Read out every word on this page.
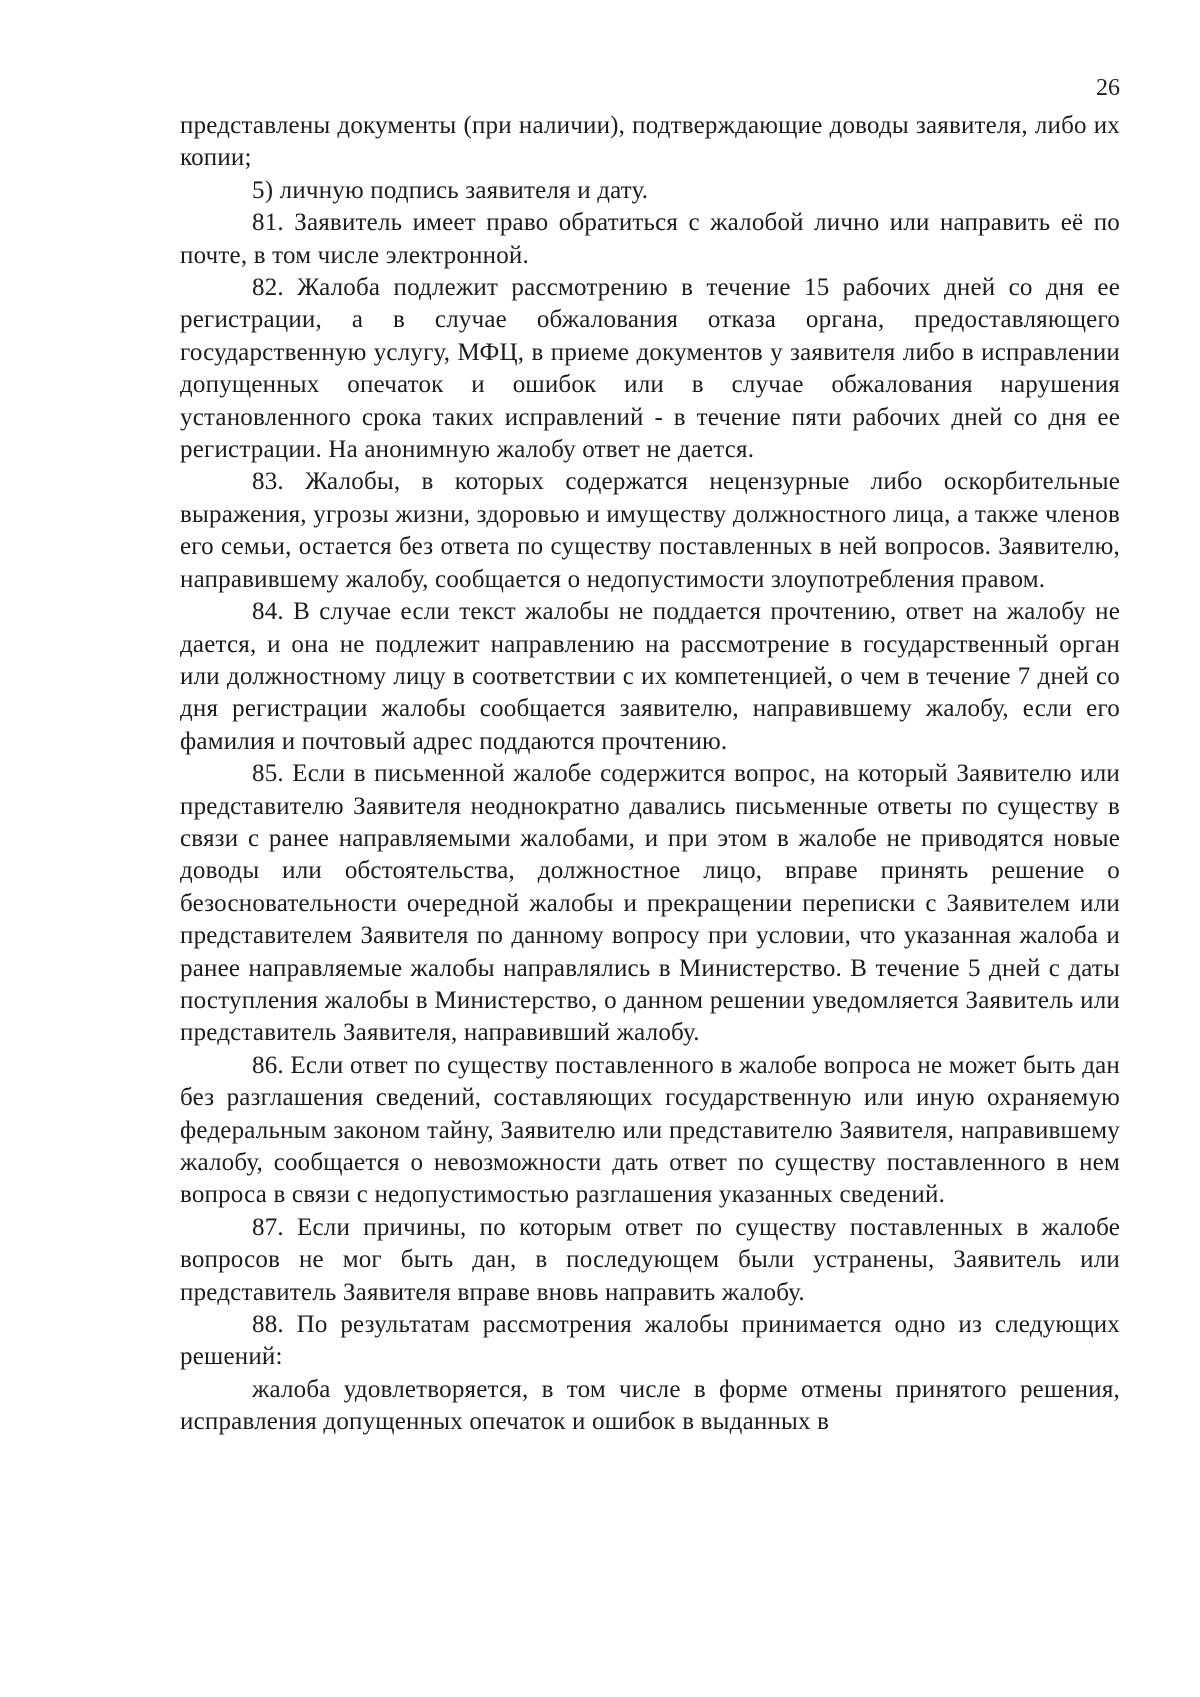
26

представлены документы (при наличии), подтверждающие доводы заявителя, либо их копии;

5) личную подпись заявителя и дату.

81. Заявитель имеет право обратиться с жалобой лично или направить её по почте, в том числе электронной.

82. Жалоба подлежит рассмотрению в течение 15 рабочих дней со дня ее регистрации, а в случае обжалования отказа органа, предоставляющего государственную услугу, МФЦ, в приеме документов у заявителя либо в исправлении допущенных опечаток и ошибок или в случае обжалования нарушения установленного срока таких исправлений - в течение пяти рабочих дней со дня ее регистрации. На анонимную жалобу ответ не дается.

83. Жалобы, в которых содержатся нецензурные либо оскорбительные выражения, угрозы жизни, здоровью и имуществу должностного лица, а также членов его семьи, остается без ответа по существу поставленных в ней вопросов. Заявителю, направившему жалобу, сообщается о недопустимости злоупотребления правом.

84. В случае если текст жалобы не поддается прочтению, ответ на жалобу не дается, и она не подлежит направлению на рассмотрение в государственный орган или должностному лицу в соответствии с их компетенцией, о чем в течение 7 дней со дня регистрации жалобы сообщается заявителю, направившему жалобу, если его фамилия и почтовый адрес поддаются прочтению.

85. Если в письменной жалобе содержится вопрос, на который Заявителю или представителю Заявителя неоднократно давались письменные ответы по существу в связи с ранее направляемыми жалобами, и при этом в жалобе не приводятся новые доводы или обстоятельства, должностное лицо, вправе принять решение о безосновательности очередной жалобы и прекращении переписки с Заявителем или представителем Заявителя по данному вопросу при условии, что указанная жалоба и ранее направляемые жалобы направлялись в Министерство. В течение 5 дней с даты поступления жалобы в Министерство, о данном решении уведомляется Заявитель или представитель Заявителя, направивший жалобу.

86. Если ответ по существу поставленного в жалобе вопроса не может быть дан без разглашения сведений, составляющих государственную или иную охраняемую федеральным законом тайну, Заявителю или представителю Заявителя, направившему жалобу, сообщается о невозможности дать ответ по существу поставленного в нем вопроса в связи с недопустимостью разглашения указанных сведений.

87. Если причины, по которым ответ по существу поставленных в жалобе вопросов не мог быть дан, в последующем были устранены, Заявитель или представитель Заявителя вправе вновь направить жалобу.

88. По результатам рассмотрения жалобы принимается одно из следующих решений:

жалоба удовлетворяется, в том числе в форме отмены принятого решения, исправления допущенных опечаток и ошибок в выданных в
